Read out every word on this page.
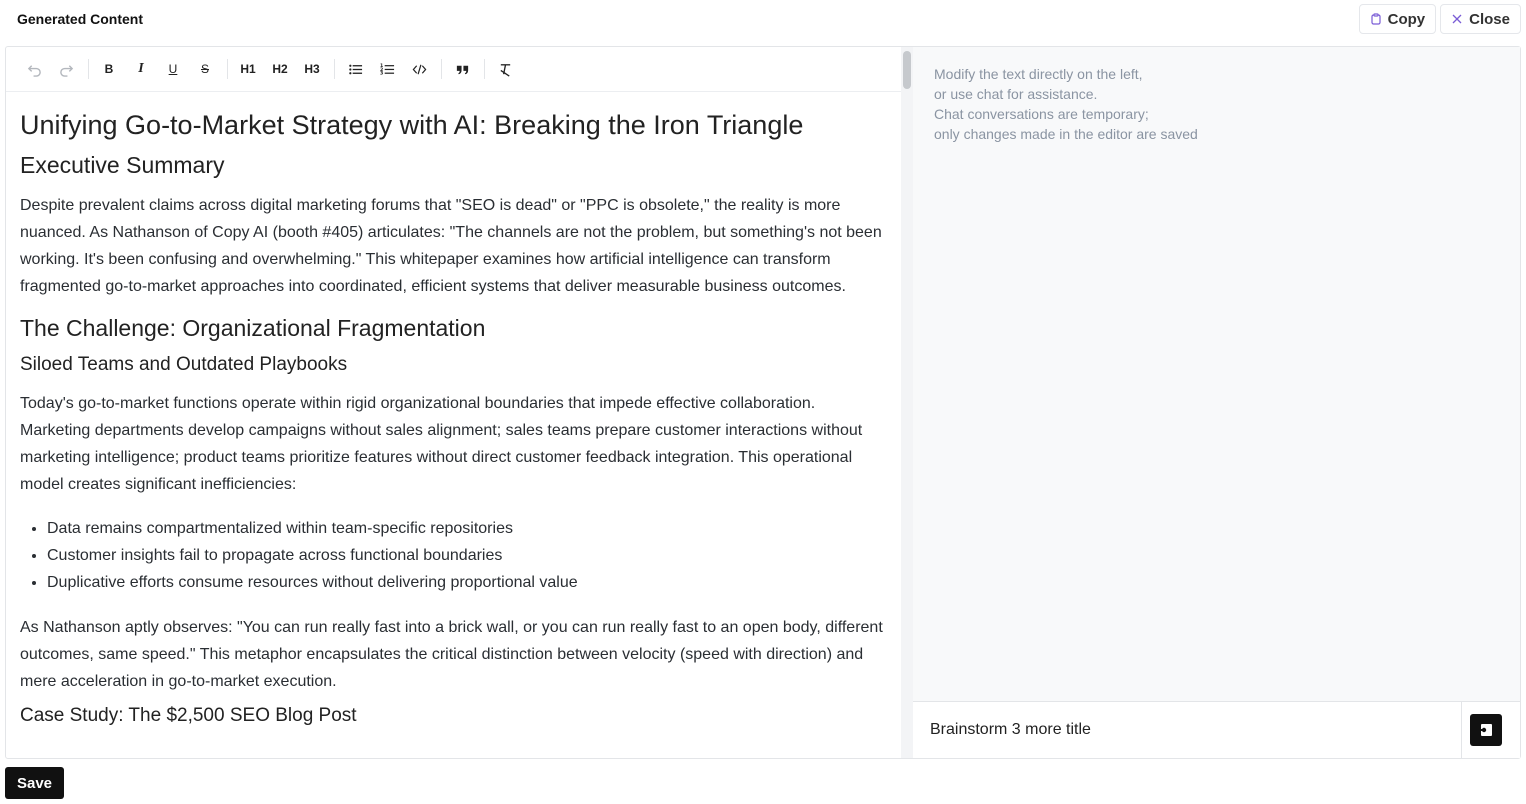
Generated Content	Copy	Close
B I U S	H1 H2 H3	1
2
3
Unifying Go-to-Market Strategy with AI: Breaking the Iron Triangle
Executive Summary

Despite prevalent claims across digital marketing forums that "SEO is dead" or "PPC is obsolete," the reality is more nuanced. As Nathanson of Copy AI (booth #405) articulates: "The channels are not the problem, but something's not been working. It's been confusing and overwhelming." This whitepaper examines how artificial intelligence can transform fragmented go-to-market approaches into coordinated, efficient systems that deliver measurable business outcomes.

The Challenge: Organizational Fragmentation
Siloed Teams and Outdated Playbooks

Today's go-to-market functions operate within rigid organizational boundaries that impede effective collaboration. Marketing departments develop campaigns without sales alignment; sales teams prepare customer interactions without marketing intelligence; product teams prioritize features without direct customer feedback integration. This operational model creates significant inefficiencies:

• Data remains compartmentalized within team-specific repositories
• Customer insights fail to propagate across functional boundaries
• Duplicative efforts consume resources without delivering proportional value

As Nathanson aptly observes: "You can run really fast into a brick wall, or you can run really fast to an open body, different outcomes, same speed." This metaphor encapsulates the critical distinction between velocity (speed with direction) and mere acceleration in go-to-market execution.

Case Study: The $2,500 SEO Blog Post
Modify the text directly on the left,
or use chat for assistance.
Chat conversations are temporary;
only changes made in the editor are saved
Brainstorm 3 more title
Save
